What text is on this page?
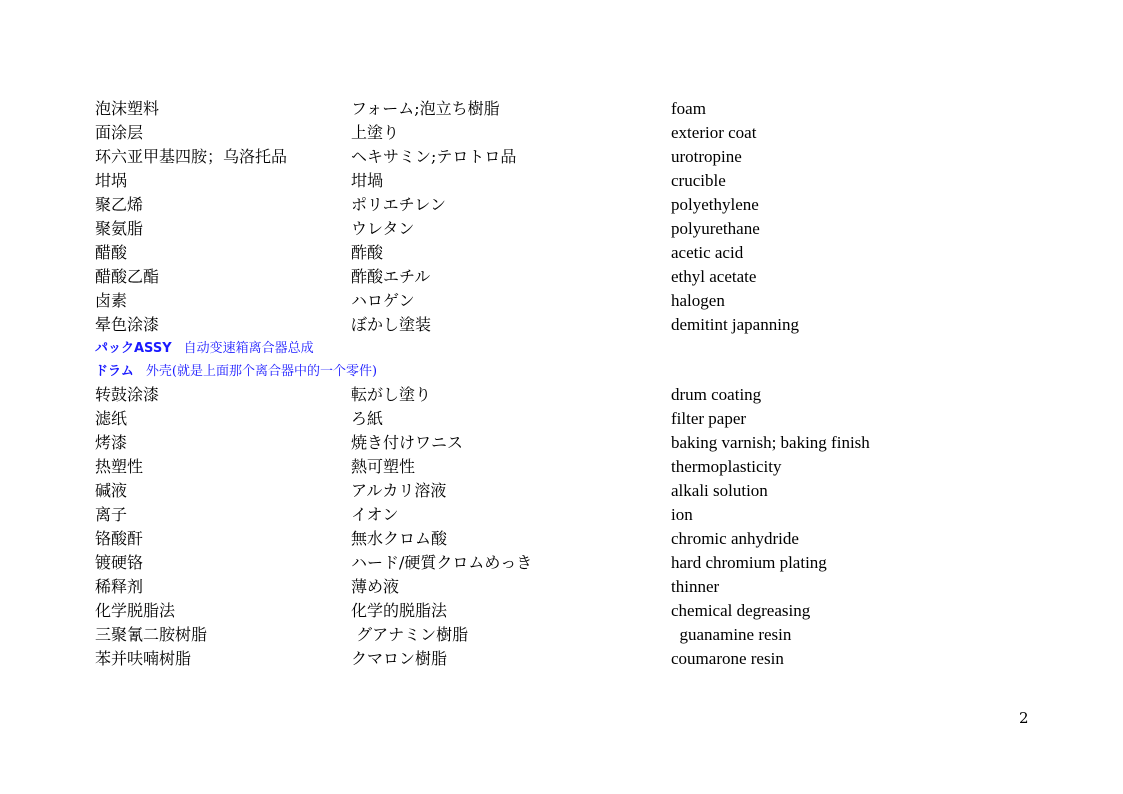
泡沫塑料	フォーム;泡立ち樹脂	foam
面涂层	上塗り	exterior coat
环六亚甲基四胺；乌洛托品	ヘキサミン;テロトロ品	urotropine
坩埚	坩堝	crucible
聚乙烯	ポリエチレン	polyethylene
聚氨脂	ウレタン	polyurethane
醋酸	酢酸	acetic acid
醋酸乙酯	酢酸エチル	ethyl acetate
卤素	ハロゲン	halogen
晕色涂漆	ぼかし塗装	demitint japanning
パックASSY 自动变速箱离合器总成
ドラム 外壳(就是上面那个离合器中的一个零件)
转鼓涂漆	転がし塗り	drum coating
滤纸	ろ紙	filter paper
烤漆	焼き付けワニス	baking varnish; baking finish
热塑性	熱可塑性	thermoplasticity
碱液	アルカリ溶液	alkali solution
离子	イオン	ion
铬酸酐	無水クロム酸	chromic anhydride
镀硬铬	ハード/硬質クロムめっき	hard chromium plating
稀释剂	薄め液	thinner
化学脱脂法	化学的脱脂法	chemical degreasing
三聚氰二胺树脂	グアナミン樹脂	guanamine resin
苯并呋喃树脂	クマロン樹脂	coumarone resin
2
